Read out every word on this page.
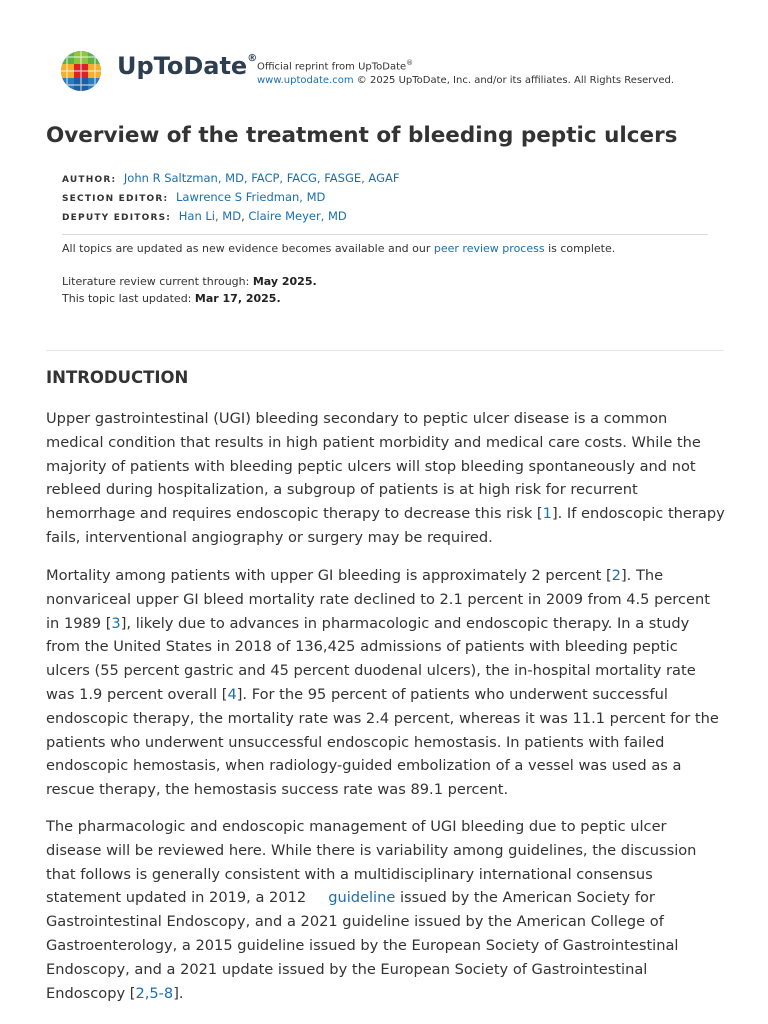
UpToDate®
Official reprint from UpToDate®
www.uptodate.com © 2025 UpToDate, Inc. and/or its affiliates. All Rights Reserved.
Overview of the treatment of bleeding peptic ulcers
AUTHOR: John R Saltzman, MD, FACP, FACG, FASGE, AGAF
SECTION EDITOR: Lawrence S Friedman, MD
DEPUTY EDITORS: Han Li, MD, Claire Meyer, MD
All topics are updated as new evidence becomes available and our peer review process is complete.
Literature review current through: May 2025.
This topic last updated: Mar 17, 2025.
INTRODUCTION

Upper gastrointestinal (UGI) bleeding secondary to peptic ulcer disease is a common medical condition that results in high patient morbidity and medical care costs. While the majority of patients with bleeding peptic ulcers will stop bleeding spontaneously and not rebleed during hospitalization, a subgroup of patients is at high risk for recurrent hemorrhage and requires endoscopic therapy to decrease this risk [1]. If endoscopic therapy fails, interventional angiography or surgery may be required.

Mortality among patients with upper GI bleeding is approximately 2 percent [2]. The nonvariceal upper GI bleed mortality rate declined to 2.1 percent in 2009 from 4.5 percent in 1989 [3], likely due to advances in pharmacologic and endoscopic therapy. In a study from the United States in 2018 of 136,425 admissions of patients with bleeding peptic ulcers (55 percent gastric and 45 percent duodenal ulcers), the in-hospital mortality rate was 1.9 percent overall [4]. For the 95 percent of patients who underwent successful endoscopic therapy, the mortality rate was 2.4 percent, whereas it was 11.1 percent for the patients who underwent unsuccessful endoscopic hemostasis. In patients with failed endoscopic hemostasis, when radiology-guided embolization of a vessel was used as a rescue therapy, the hemostasis success rate was 89.1 percent.

The pharmacologic and endoscopic management of UGI bleeding due to peptic ulcer disease will be reviewed here. While there is variability among guidelines, the discussion that follows is generally consistent with a multidisciplinary international consensus statement updated in 2019, a 2012 guideline issued by the American Society for Gastrointestinal Endoscopy, and a 2021 guideline issued by the American College of Gastroenterology, a 2015 guideline issued by the European Society of Gastrointestinal Endoscopy, and a 2021 update issued by the European Society of Gastrointestinal Endoscopy [2,5-8].
